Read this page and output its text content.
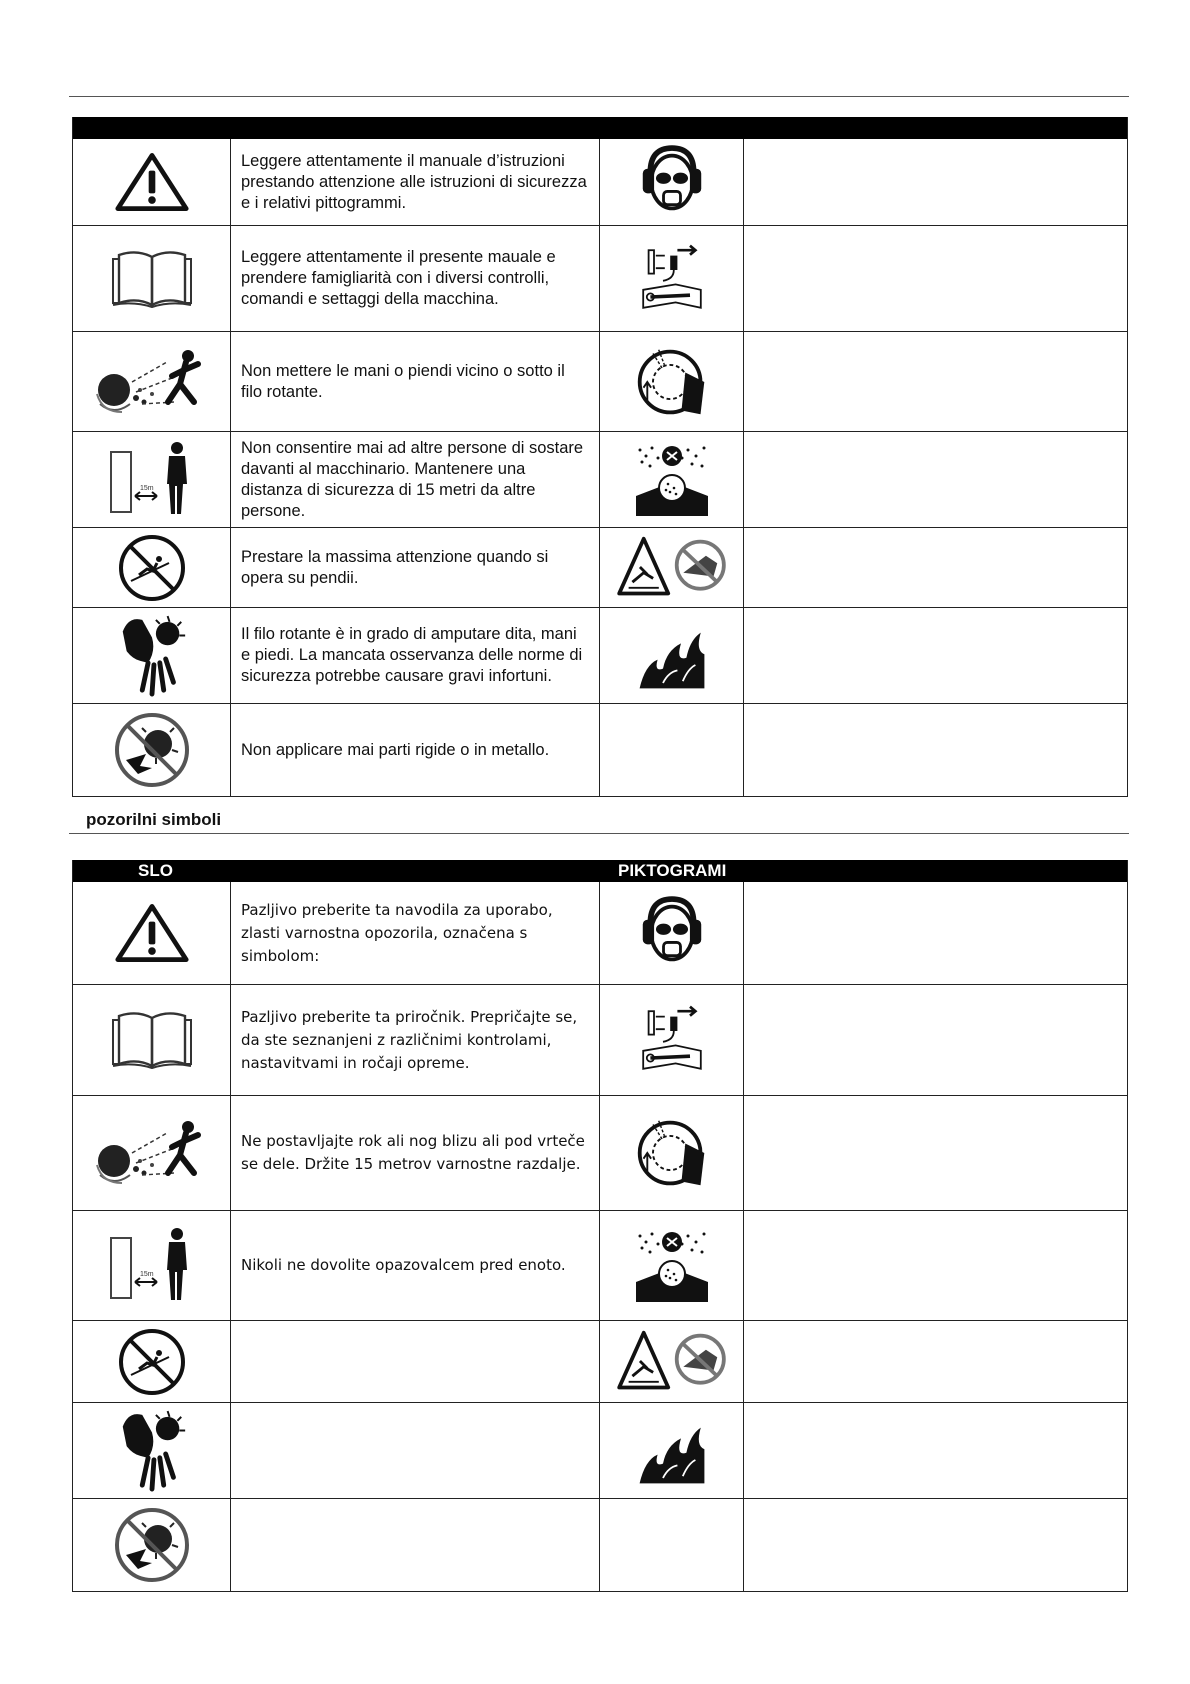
Leggere attentamente il manuale d’istruzioni prestando attenzione alle istruzioni di sicurezza e i relativi pittogrammi.
Leggere attentamente il presente mauale e prendere famigliarità con i diversi controlli, comandi e settaggi della macchina.
Non mettere le mani o piendi vicino o sotto il filo rotante.
Non consentire mai ad altre persone di sostare davanti al macchinario. Mantenere una distanza di sicurezza di 15 metri da altre persone.
Prestare la massima attenzione quando si opera su pendii.
Il filo rotante è in grado di amputare dita, mani e piedi. La mancata osservanza delle norme di sicurezza potrebbe causare gravi infortuni.
Non applicare mai parti rigide o in metallo.
pozorilni simboli
SLO	PIKTOGRAMI
Pazljivo preberite ta navodila za uporabo, zlasti varnostna opozorila, označena s simbolom:
Pazljivo preberite ta priročnik. Prepričajte se, da ste seznanjeni z različnimi kontrolami, nastavitvami in ročaji opreme.
Ne postavljajte rok ali nog blizu ali pod vrteče se dele. Držite 15 metrov varnostne razdalje.
Nikoli ne dovolite opazovalcem pred enoto.
